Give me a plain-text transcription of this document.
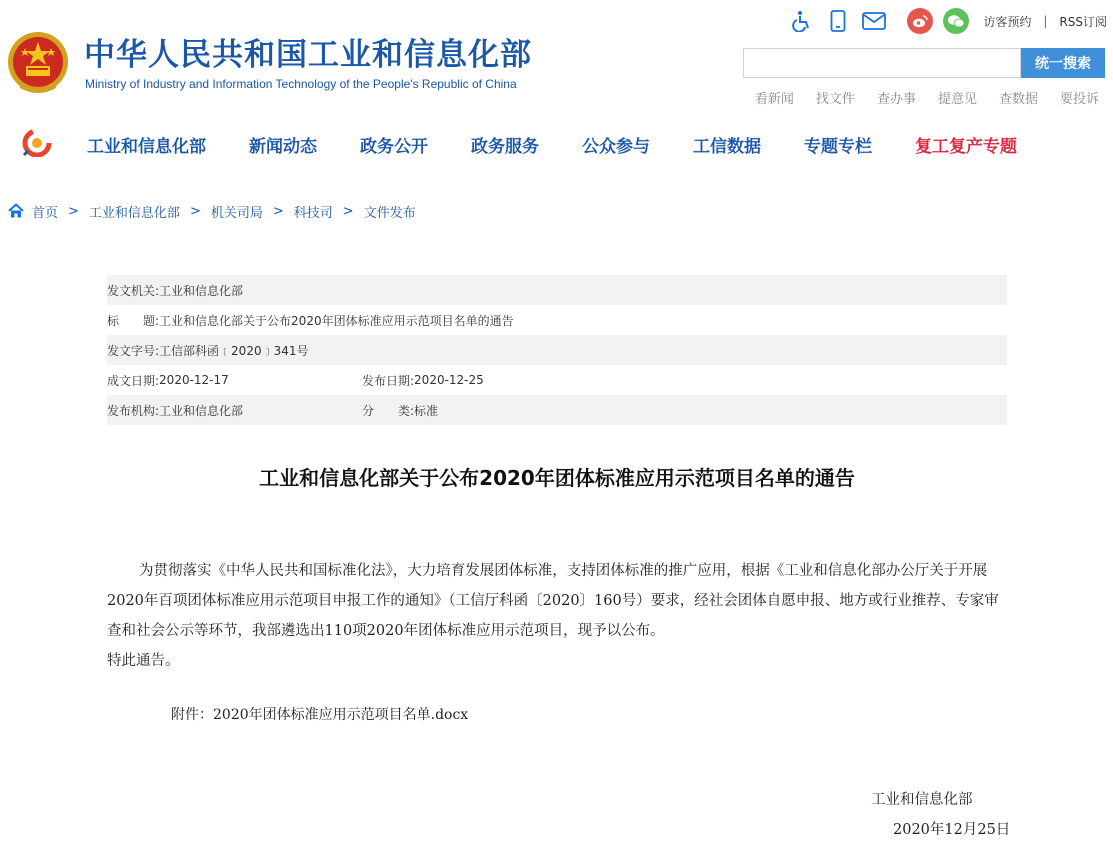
中华人民共和国工业和信息化部
Ministry of Industry and Information Technology of the People's Republic of China
访客预约 | RSS订阅
统一搜索
看新闻 找文件 查办事 提意见 查数据 要投诉
工业和信息化部	新闻动态	政务公开	政务服务	公众参与	工信数据	专题专栏	复工复产专题
首页 > 工业和信息化部 > 机关司局 > 科技司 > 文件发布
发文机关: 工业和信息化部
标　　题: 工业和信息化部关于公布2020年团体标准应用示范项目名单的通告
发文字号: 工信部科函﹝2020﹞341号
成文日期: 2020-12-17	发布日期: 2020-12-25
发布机构: 工业和信息化部	分　　类: 标准
工业和信息化部关于公布2020年团体标准应用示范项目名单的通告

为贯彻落实《中华人民共和国标准化法》，大力培育发展团体标准，支持团体标准的推广应用，根据《工业和信息化部办公厅关于开展2020年百项团体标准应用示范项目申报工作的通知》（工信厅科函〔2020〕160号）要求，经社会团体自愿申报、地方或行业推荐、专家审查和社会公示等环节，我部遴选出110项2020年团体标准应用示范项目，现予以公布。

特此通告。

附件：2020年团体标准应用示范项目名单.docx
工业和信息化部
2020年12月25日
